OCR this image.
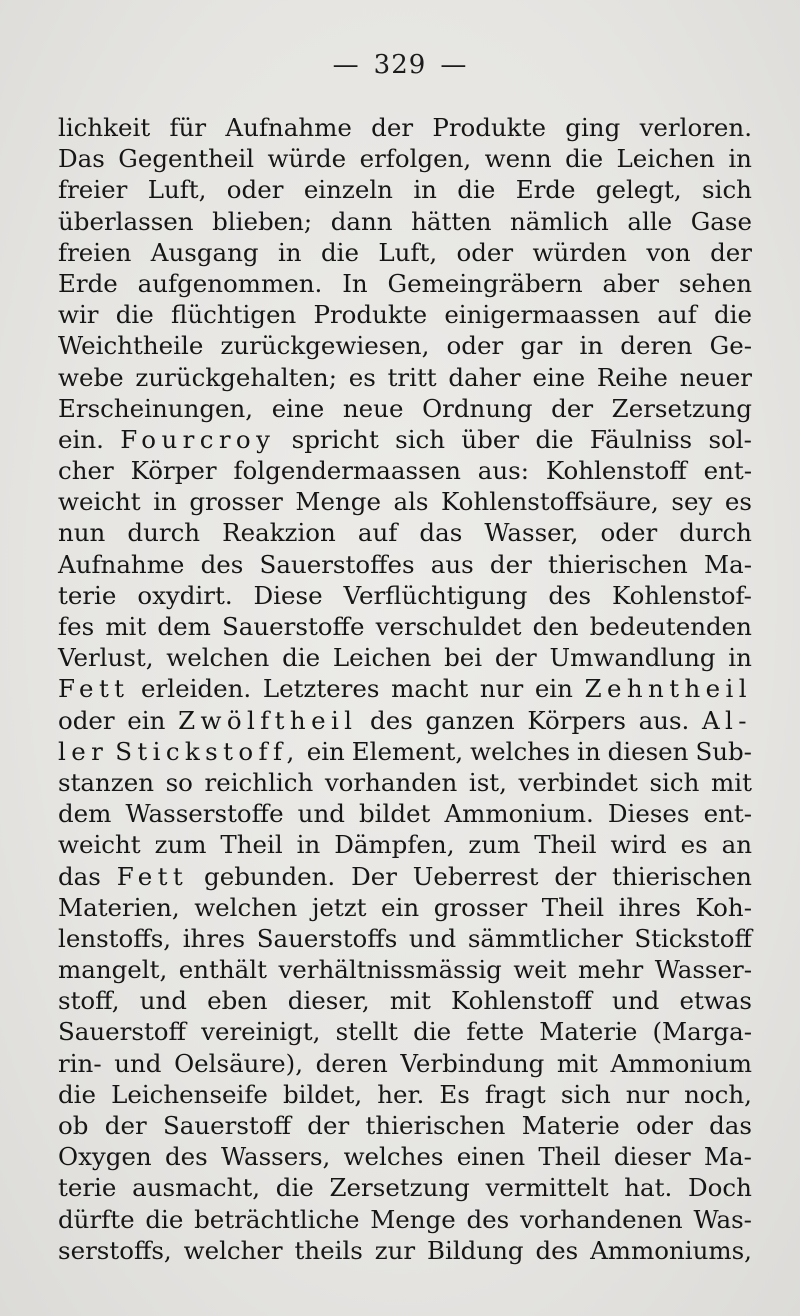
— 329 —
lichkeit für Aufnahme der Produkte ging verloren.
Das Gegentheil würde erfolgen, wenn die Leichen in
freier Luft, oder einzeln in die Erde gelegt, sich
überlassen blieben; dann hätten nämlich alle Gase
freien Ausgang in die Luft, oder würden von der
Erde aufgenommen. In Gemeingräbern aber sehen
wir die flüchtigen Produkte einigermaassen auf die
Weichtheile zurückgewiesen, oder gar in deren Ge-
webe zurückgehalten; es tritt daher eine Reihe neuer
Erscheinungen, eine neue Ordnung der Zersetzung
ein. Fourcroy spricht sich über die Fäulniss sol-
cher Körper folgendermaassen aus: Kohlenstoff ent-
weicht in grosser Menge als Kohlenstoffsäure, sey es
nun durch Reakzion auf das Wasser, oder durch
Aufnahme des Sauerstoffes aus der thierischen Ma-
terie oxydirt. Diese Verflüchtigung des Kohlenstof-
fes mit dem Sauerstoffe verschuldet den bedeutenden
Verlust, welchen die Leichen bei der Umwandlung in
Fett erleiden. Letzteres macht nur ein Zehntheil
oder ein Zwölftheil des ganzen Körpers aus. Al-
ler Stickstoff, ein Element, welches in diesen Sub-
stanzen so reichlich vorhanden ist, verbindet sich mit
dem Wasserstoffe und bildet Ammonium. Dieses ent-
weicht zum Theil in Dämpfen, zum Theil wird es an
das Fett gebunden. Der Ueberrest der thierischen
Materien, welchen jetzt ein grosser Theil ihres Koh-
lenstoffs, ihres Sauerstoffs und sämmtlicher Stickstoff
mangelt, enthält verhältnissmässig weit mehr Wasser-
stoff, und eben dieser, mit Kohlenstoff und etwas
Sauerstoff vereinigt, stellt die fette Materie (Marga-
rin- und Oelsäure), deren Verbindung mit Ammonium
die Leichenseife bildet, her. Es fragt sich nur noch,
ob der Sauerstoff der thierischen Materie oder das
Oxygen des Wassers, welches einen Theil dieser Ma-
terie ausmacht, die Zersetzung vermittelt hat. Doch
dürfte die beträchtliche Menge des vorhandenen Was-
serstoffs, welcher theils zur Bildung des Ammoniums,
